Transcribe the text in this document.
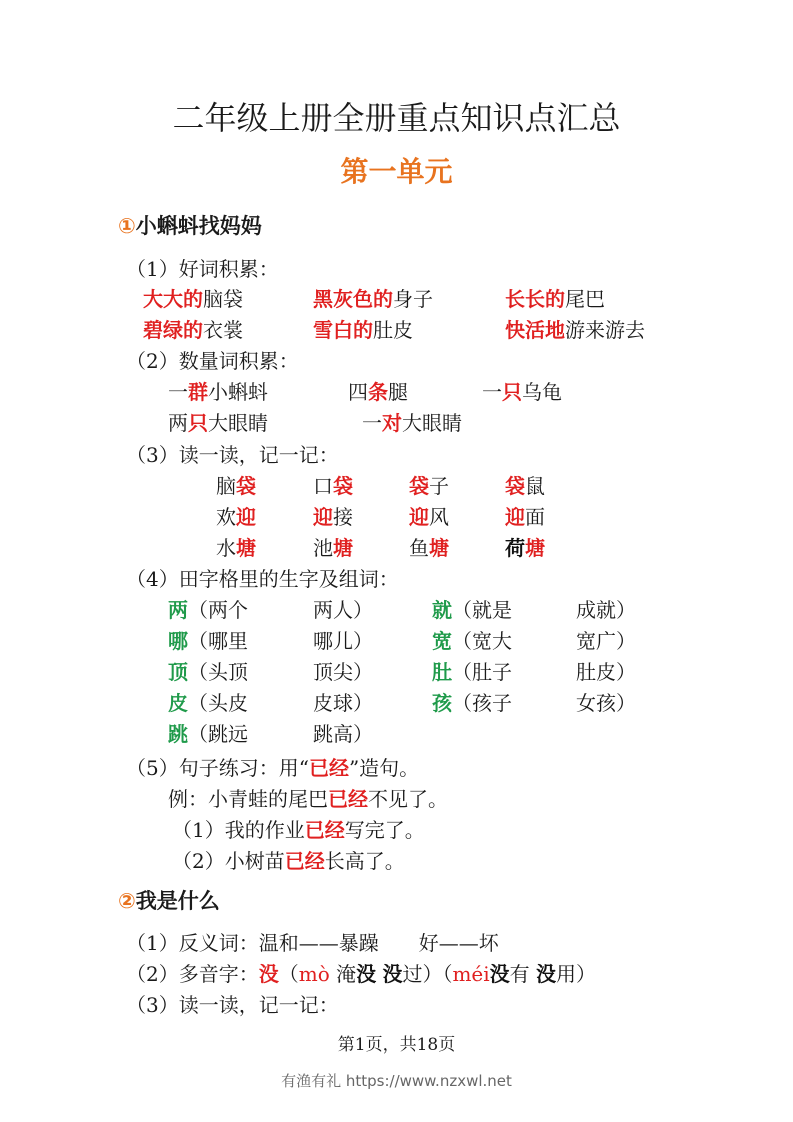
二年级上册全册重点知识点汇总
第一单元
①小蝌蚪找妈妈
（1）好词积累：
大大的脑袋	黑灰色的身子	长长的尾巴
碧绿的衣裳	雪白的肚皮	快活地游来游去
（2）数量词积累：
一群小蝌蚪	四条腿	一只乌龟
两只大眼睛	一对大眼睛
（3）读一读，记一记：
脑袋	口袋	袋子	袋鼠
欢迎	迎接	迎风	迎面
水塘	池塘	鱼塘	荷塘
（4）田字格里的生字及组词：
两（两个	两人）	就（就是	成就）
哪（哪里	哪儿）	宽（宽大	宽广）
顶（头顶	顶尖）	肚（肚子	肚皮）
皮（头皮	皮球）	孩（孩子	女孩）
跳（跳远	跳高）
（5）句子练习：用“已经”造句。
例：小青蛙的尾巴已经不见了。
（1）我的作业已经写完了。
（2）小树苗已经长高了。
②我是什么
（1）反义词：温和——暴躁　　好——坏
（2）多音字：没（mò 淹没 没过）（méi没有 没用）
（3）读一读，记一记：
第1页，共18页
有渔有礼 https://www.nzxwl.net
